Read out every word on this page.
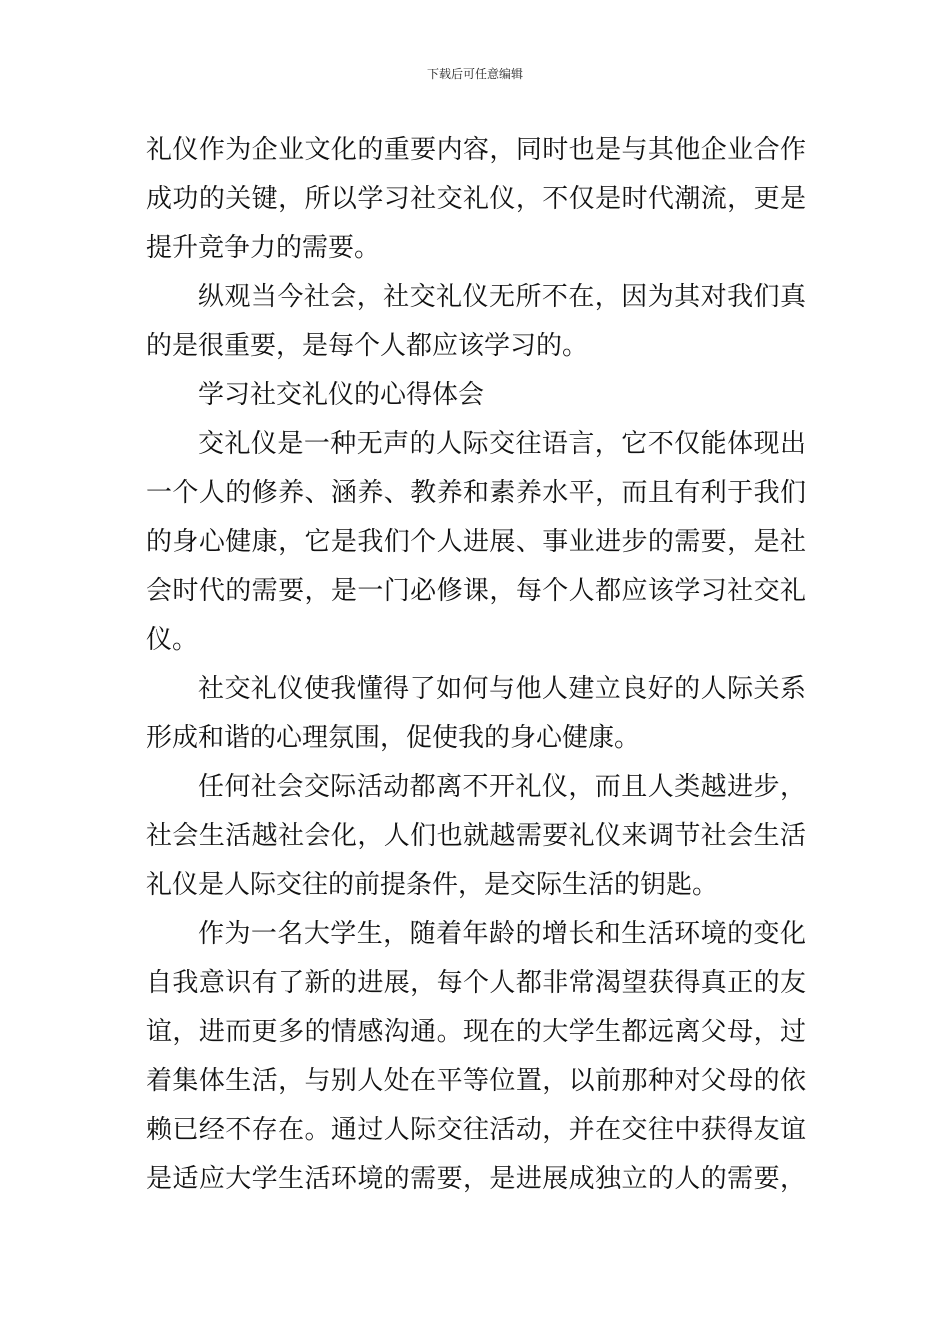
下载后可任意编辑
礼仪作为企业文化的重要内容，同时也是与其他企业合作
成功的关键，所以学习社交礼仪，不仅是时代潮流，更是
提升竞争力的需要。
纵观当今社会，社交礼仪无所不在，因为其对我们真
的是很重要，是每个人都应该学习的。
学习社交礼仪的心得体会
交礼仪是一种无声的人际交往语言，它不仅能体现出
一个人的修养、涵养、教养和素养水平，而且有利于我们
的身心健康，它是我们个人进展、事业进步的需要，是社
会时代的需要，是一门必修课，每个人都应该学习社交礼
仪。
社交礼仪使我懂得了如何与他人建立良好的人际关系
形成和谐的心理氛围，促使我的身心健康。
任何社会交际活动都离不开礼仪，而且人类越进步，
社会生活越社会化，人们也就越需要礼仪来调节社会生活
礼仪是人际交往的前提条件，是交际生活的钥匙。
作为一名大学生，随着年龄的增长和生活环境的变化
自我意识有了新的进展，每个人都非常渴望获得真正的友
谊，进而更多的情感沟通。现在的大学生都远离父母，过
着集体生活，与别人处在平等位置，以前那种对父母的依
赖已经不存在。通过人际交往活动，并在交往中获得友谊
是适应大学生活环境的需要，是进展成独立的人的需要，
